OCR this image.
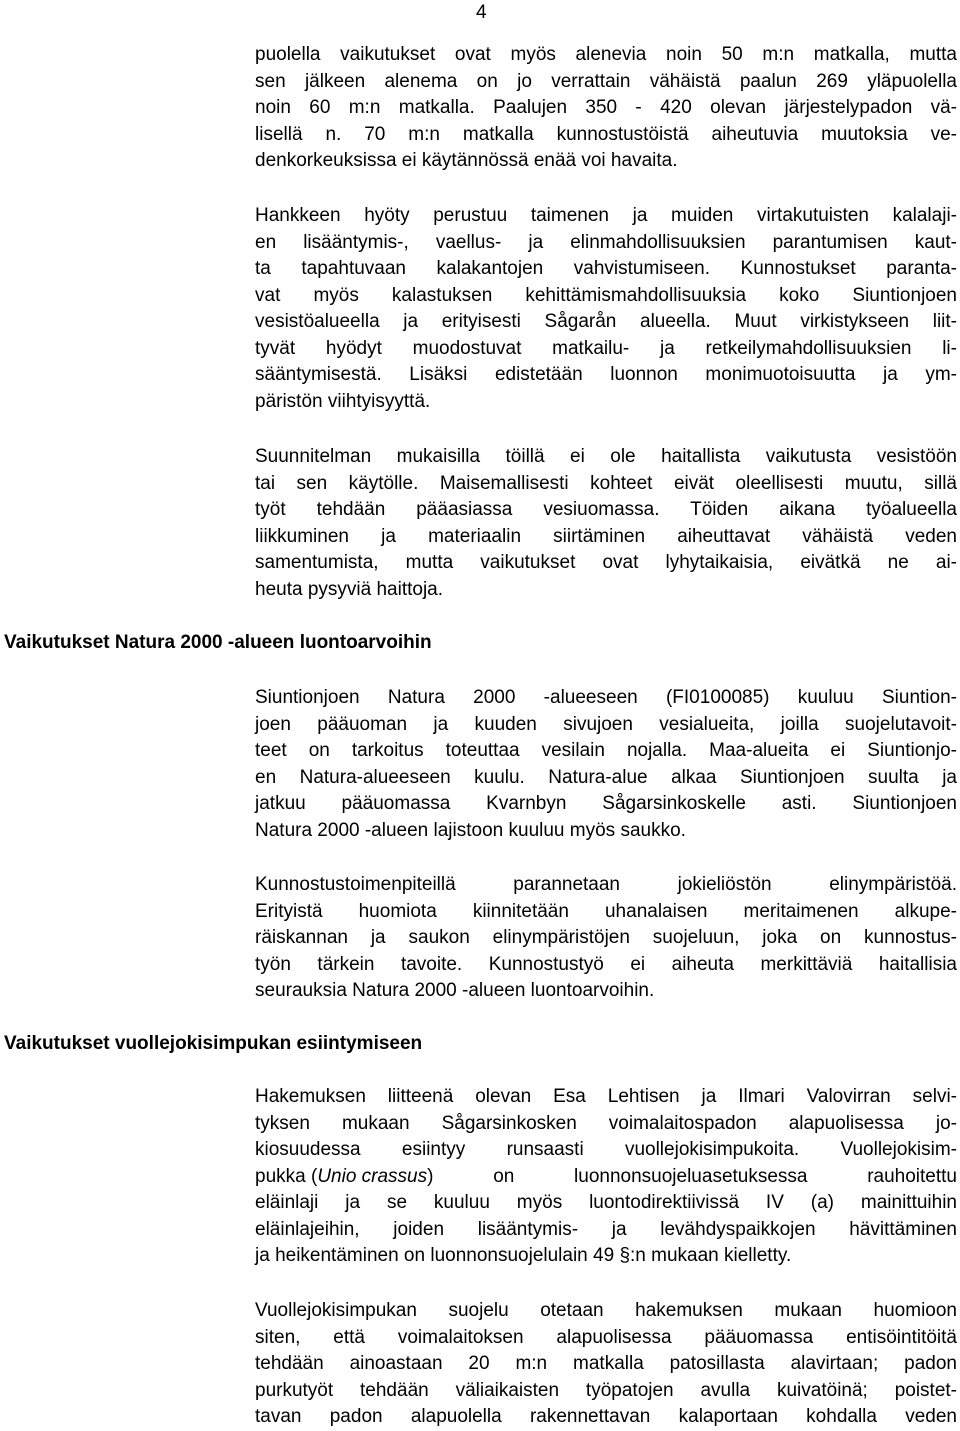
4
puolella vaikutukset ovat myös alenevia noin 50 m:n matkalla, mutta
sen jälkeen alenema on jo verrattain vähäistä paalun 269 yläpuolella
noin 60 m:n matkalla. Paalujen 350 - 420 olevan järjestelypadon vä-
lisellä n. 70 m:n matkalla kunnostustöistä aiheutuvia muutoksia ve-
denkorkeuksissa ei käytännössä enää voi havaita.
Hankkeen hyöty perustuu taimenen ja muiden virtakutuisten kalalaji-
en lisääntymis-, vaellus- ja elinmahdollisuuksien parantumisen kaut-
ta tapahtuvaan kalakantojen vahvistumiseen. Kunnostukset paranta-
vat myös kalastuksen kehittämismahdollisuuksia koko Siuntionjoen
vesistöalueella ja erityisesti Sågarån alueella. Muut virkistykseen liit-
tyvät hyödyt muodostuvat matkailu- ja retkeilymahdollisuuksien li-
sääntymisestä. Lisäksi edistetään luonnon monimuotoisuutta ja ym-
päristön viihtyisyyttä.
Suunnitelman mukaisilla töillä ei ole haitallista vaikutusta vesistöön
tai sen käytölle. Maisemallisesti kohteet eivät oleellisesti muutu, sillä
työt tehdään pääasiassa vesiuomassa. Töiden aikana työalueella
liikkuminen ja materiaalin siirtäminen aiheuttavat vähäistä veden
samentumista, mutta vaikutukset ovat lyhytaikaisia, eivätkä ne ai-
heuta pysyviä haittoja.
Vaikutukset Natura 2000 -alueen luontoarvoihin
Siuntionjoen Natura 2000 -alueeseen (FI0100085) kuuluu Siuntion-
joen pääuoman ja kuuden sivujoen vesialueita, joilla suojelutavoit-
teet on tarkoitus toteuttaa vesilain nojalla. Maa-alueita ei Siuntionjo-
en Natura-alueeseen kuulu. Natura-alue alkaa Siuntionjoen suulta ja
jatkuu pääuomassa Kvarnbyn Sågarsinkoskelle asti. Siuntionjoen
Natura 2000 -alueen lajistoon kuuluu myös saukko.
Kunnostustoimenpiteillä parannetaan jokieliöstön elinympäristöä.
Erityistä huomiota kiinnitetään uhanalaisen meritaimenen alkupe-
räiskannan ja saukon elinympäristöjen suojeluun, joka on kunnostus-
työn tärkein tavoite. Kunnostustyö ei aiheuta merkittäviä haitallisia
seurauksia Natura 2000 -alueen luontoarvoihin.
Vaikutukset vuollejokisimpukan esiintymiseen
Hakemuksen liitteenä olevan Esa Lehtisen ja Ilmari Valovirran selvi-
tyksen mukaan Sågarsinkosken voimalaitospadon alapuolisessa jo-
kiosuudessa esiintyy runsaasti vuollejokisimpukoita. Vuollejokisim-
pukka ( Unio crassus ) on luonnonsuojeluasetuksessa rauhoitettu
eläinlaji ja se kuuluu myös luontodirektiivissä IV (a) mainittuihin
eläinlajeihin, joiden lisääntymis- ja levähdyspaikkojen hävittäminen
ja heikentäminen on luonnonsuojelulain 49 §:n mukaan kielletty.
Vuollejokisimpukan suojelu otetaan hakemuksen mukaan huomioon
siten, että voimalaitoksen alapuolisessa pääuomassa entisöintitöitä
tehdään ainoastaan 20 m:n matkalla patosillasta alavirtaan; padon
purkutyöt tehdään väliaikaisten työpatojen avulla kuivatöinä; poistet-
tavan padon alapuolella rakennettavan kalaportaan kohdalla veden
